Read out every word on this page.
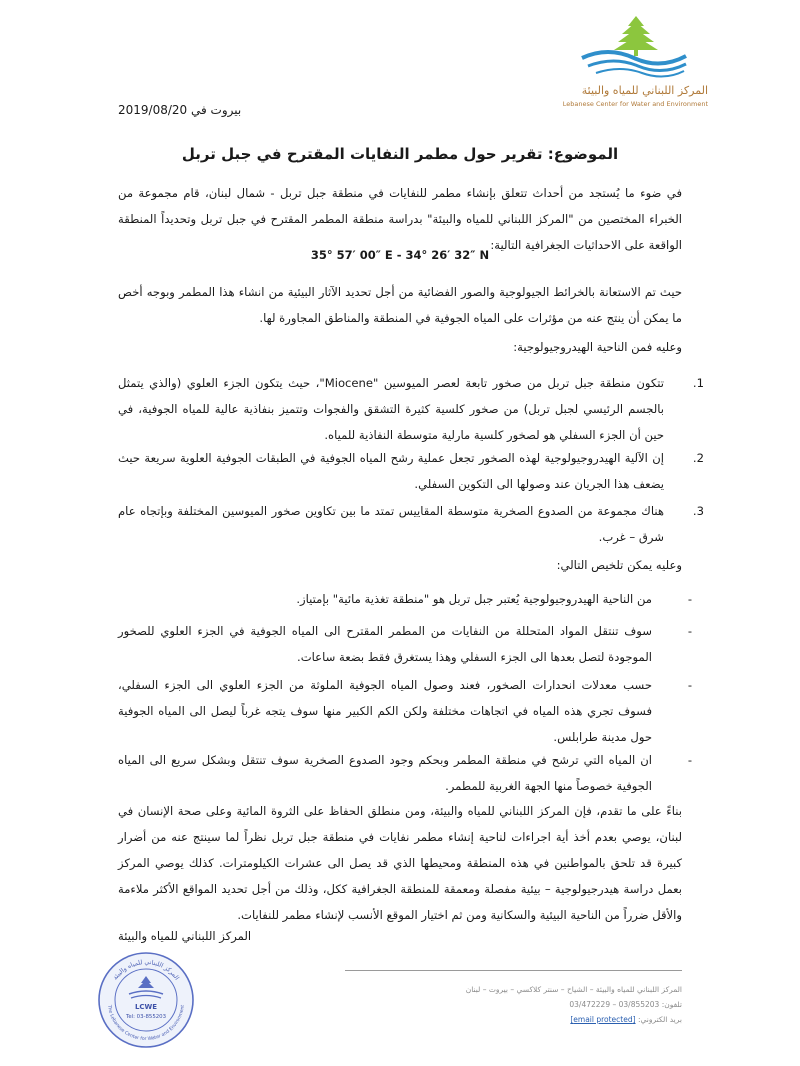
المركز اللبناني للمياه والبيئة
Lebanese Center for Water and Environment
بيروت في 2019/08/20
الموضوع: تقرير حول مطمر النفايات المقترح في جبل تربل
في ضوء ما يُستجد من أحداث تتعلق بإنشاء مطمر للنفايات في منطقة جبل تربل - شمال لبنان، قام مجموعة من الخبراء المختصين من "المركز اللبناني للمياه والبيئة" بدراسة منطقة المطمر المقترح في جبل تربل وتحديداً المنطقة الواقعة على الاحداثيات الجغرافية التالية:
35° 57′ 00″ E - 34° 26′ 32″ N
حيث تم الاستعانة بالخرائط الجيولوجية والصور الفضائية من أجل تحديد الآثار البيئية من انشاء هذا المطمر وبوجه أخص ما يمكن أن ينتج عنه من مؤثرات على المياه الجوفية في المنطقة والمناطق المجاورة لها.
وعليه فمن الناحية الهيدروجيولوجية:
1.
تتكون منطقة جبل تربل من صخور تابعة لعصر الميوسين "Miocene"، حيث يتكون الجزء العلوي (والذي يتمثل بالجسم الرئيسي لجبل تربل) من صخور كلسية كثيرة التشقق والفجوات وتتميز بنفاذية عالية للمياه الجوفية، في حين أن الجزء السفلي هو لصخور كلسية مارلية متوسطة النفاذية للمياه.
2.
إن الآلية الهيدروجيولوجية لهذه الصخور تجعل عملية رشح المياه الجوفية في الطبقات الجوفية العلوية سريعة حيث يضعف هذا الجريان عند وصولها الى التكوين السفلي.
3.
هناك مجموعة من الصدوع الصخرية متوسطة المقاييس تمتد ما بين تكاوين صخور الميوسين المختلفة وبإتجاه عام شرق – غرب.
وعليه يمكن تلخيص التالي:
-
من الناحية الهيدروجيولوجية يُعتبر جبل تربل هو "منطقة تغذية مائية" بإمتياز.
-
سوف تنتقل المواد المتحللة من النفايات من المطمر المقترح الى المياه الجوفية في الجزء العلوي للصخور الموجودة لتصل بعدها الى الجزء السفلي وهذا يستغرق فقط بضعة ساعات.
-
حسب معدلات انحدارات الصخور، فعند وصول المياه الجوفية الملوثة من الجزء العلوي الى الجزء السفلي، فسوف تجري هذه المياه في اتجاهات مختلفة ولكن الكم الكبير منها سوف يتجه غرباً ليصل الى المياه الجوفية حول مدينة طرابلس.
-
ان المياه التي ترشح في منطقة المطمر وبحكم وجود الصدوع الصخرية سوف تنتقل وبشكل سريع الى المياه الجوفية خصوصاً منها الجهة الغربية للمطمر.
بناءً على ما تقدم، فإن المركز اللبناني للمياه والبيئة، ومن منطلق الحفاظ على الثروة المائية وعلى صحة الإنسان في لبنان، يوصي بعدم أخذ أية اجراءات لناحية إنشاء مطمر نفايات في منطقة جبل تربل نظراً لما سينتج عنه من أضرار كبيرة قد تلحق بالمواطنين في هذه المنطقة ومحيطها الذي قد يصل الى عشرات الكيلومترات. كذلك يوصي المركز بعمل دراسة هيدرجيولوجية – بيئية مفصلة ومعمقة للمنطقة الجغرافية ككل، وذلك من أجل تحديد المواقع الأكثر ملاءمة والأقل ضرراً من الناحية البيئية والسكانية ومن ثم اختيار الموقع الأنسب لإنشاء مطمر للنفايات.
المركز اللبناني للمياه والبيئة
المركز اللبناني للمياه والبيئة
The Lebanese Center for Water and Environment
LCWE
Tel: 03-855203
المركز اللبناني للمياه والبيئة – الشياح – سنتر كلاكسي – بيروت – لبنان
تلفون: 03/855203 – 03/472229
بريد الكتروني: [email protected]
